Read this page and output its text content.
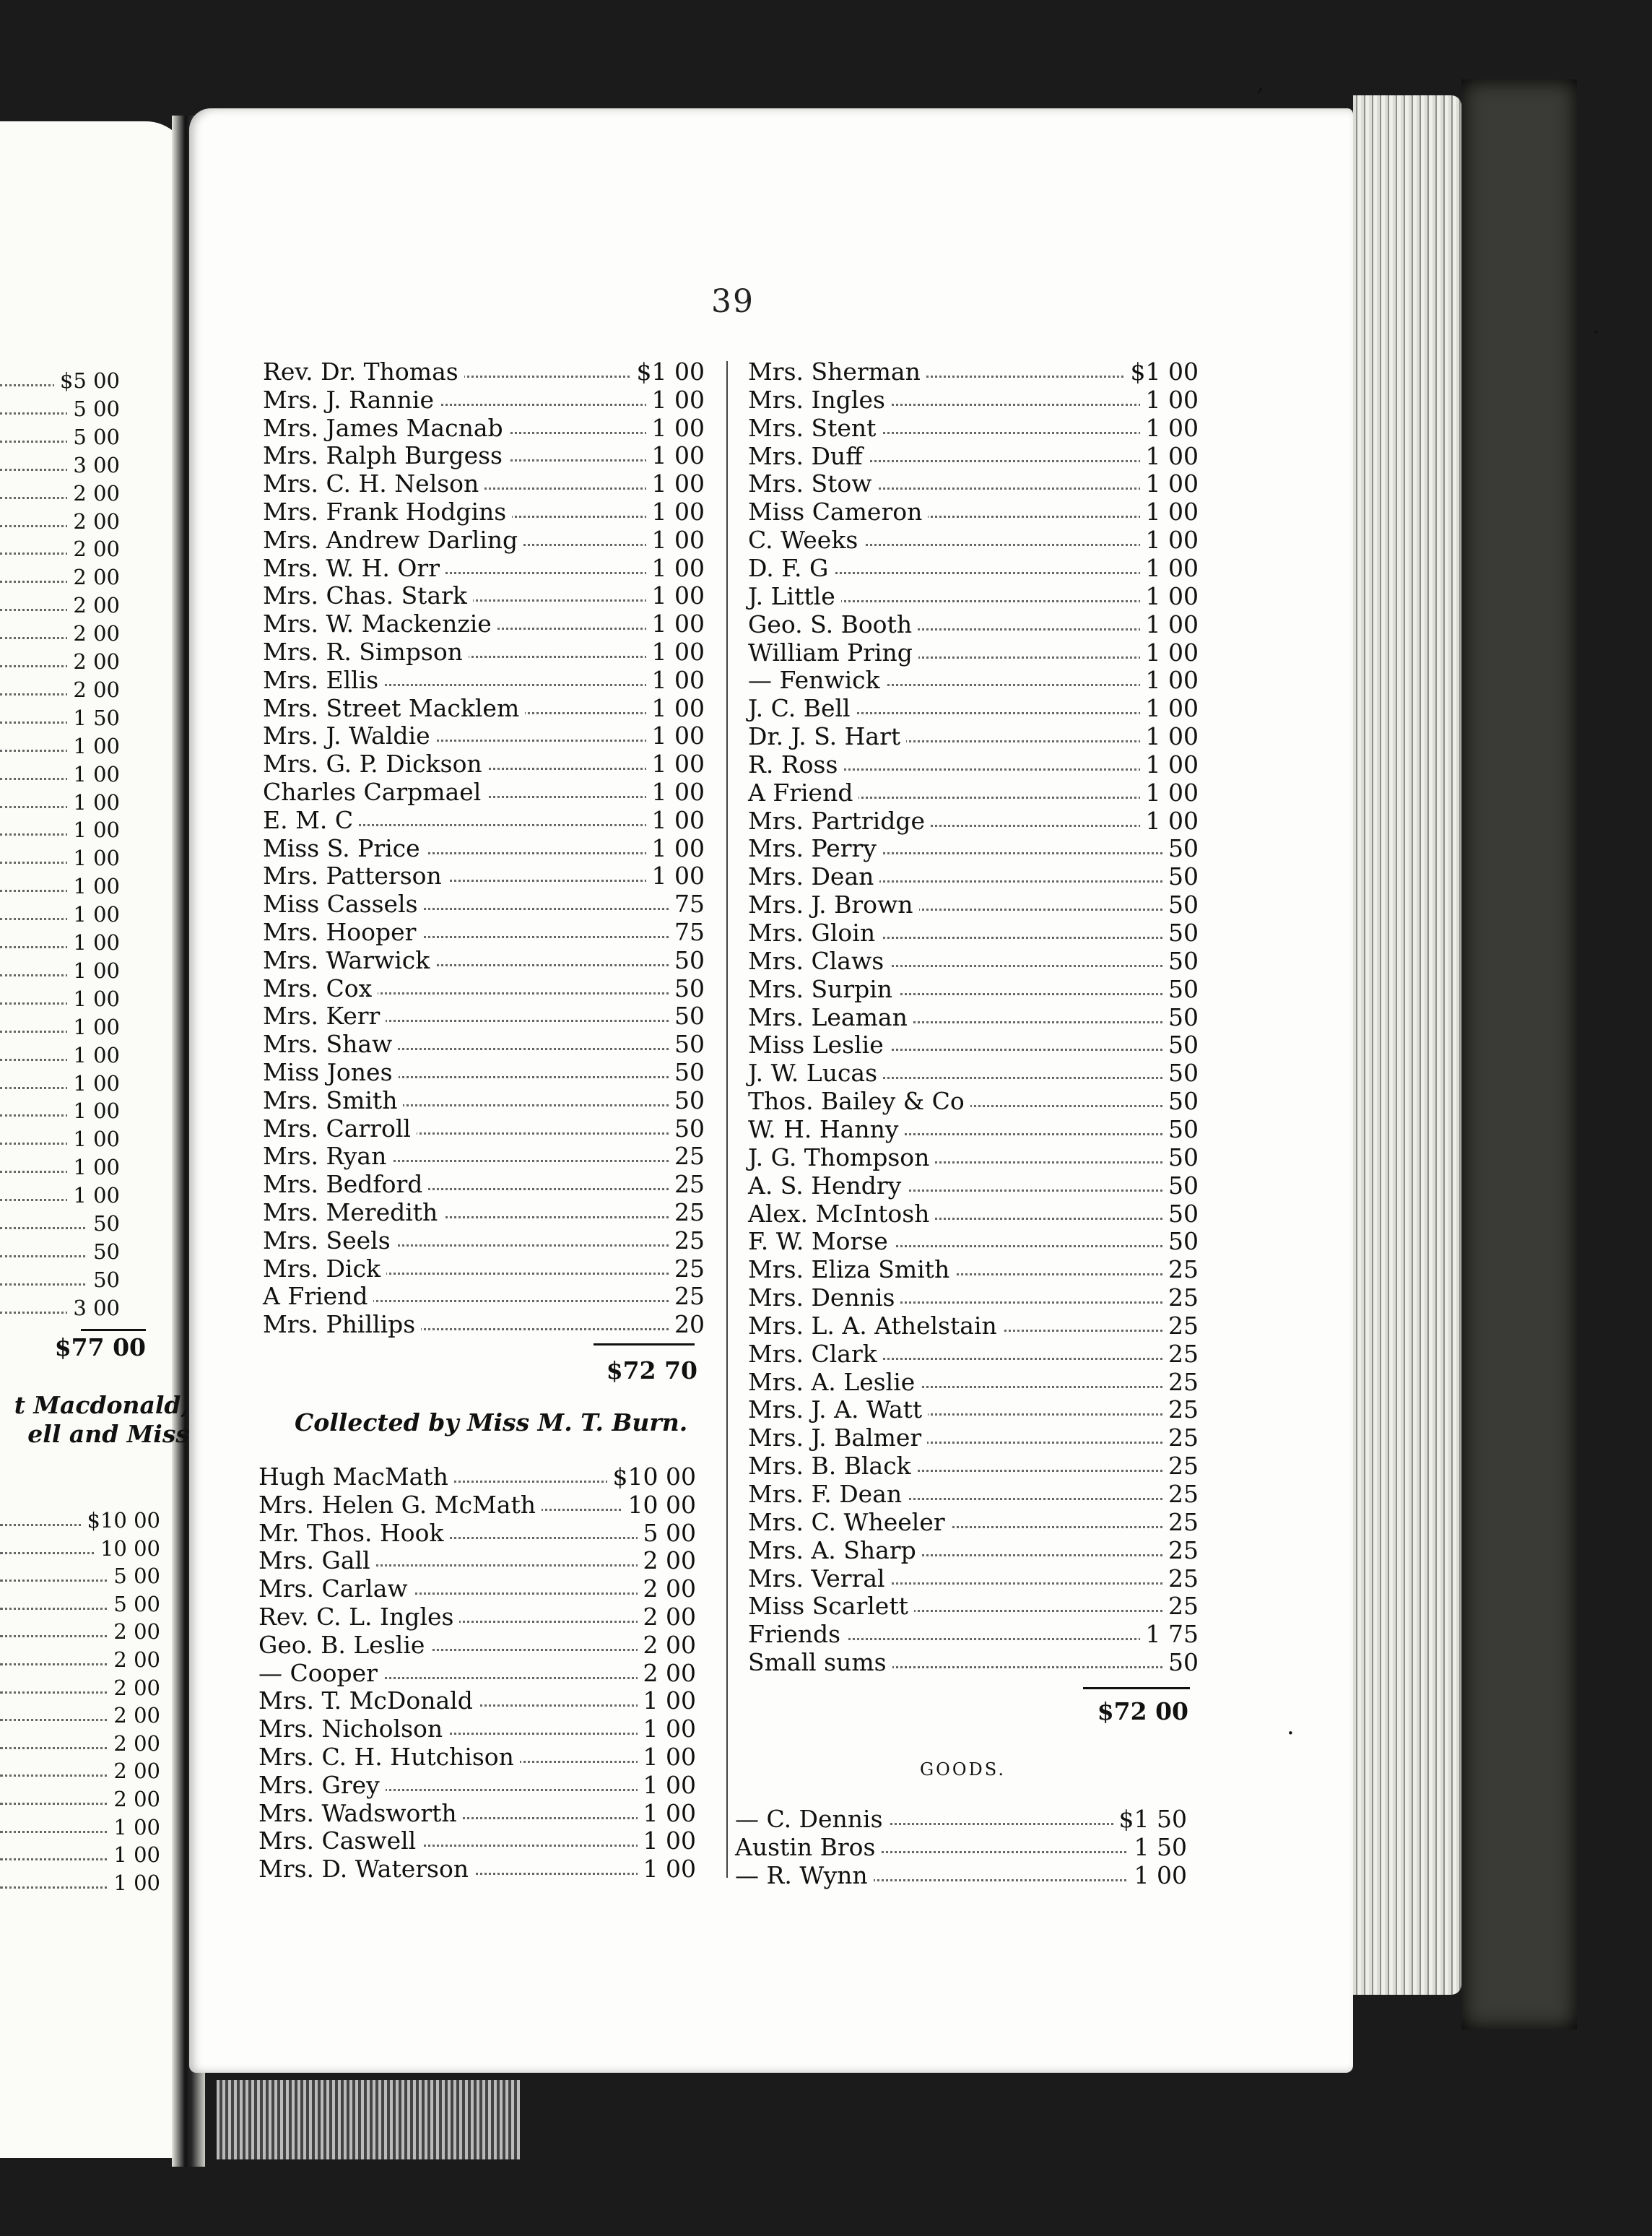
,
·
·
39
$5 00
5 00
5 00
3 00
2 00
2 00
2 00
2 00
2 00
2 00
2 00
2 00
1 50
1 00
1 00
1 00
1 00
1 00
1 00
1 00
1 00
1 00
1 00
1 00
1 00
1 00
1 00
1 00
1 00
1 00
50
50
50
3 00
$77 00
t Macdonald,
ell and Miss
$10 00
10 00
5 00
5 00
2 00
2 00
2 00
2 00
2 00
2 00
2 00
1 00
1 00
1 00
Rev. Dr. Thomas	$1 00
Mrs. J. Rannie	1 00
Mrs. James Macnab	1 00
Mrs. Ralph Burgess	1 00
Mrs. C. H. Nelson	1 00
Mrs. Frank Hodgins	1 00
Mrs. Andrew Darling	1 00
Mrs. W. H. Orr	1 00
Mrs. Chas. Stark	1 00
Mrs. W. Mackenzie	1 00
Mrs. R. Simpson	1 00
Mrs. Ellis	1 00
Mrs. Street Macklem	1 00
Mrs. J. Waldie	1 00
Mrs. G. P. Dickson	1 00
Charles Carpmael	1 00
E. M. C	1 00
Miss S. Price	1 00
Mrs. Patterson	1 00
Miss Cassels	75
Mrs. Hooper	75
Mrs. Warwick	50
Mrs. Cox	50
Mrs. Kerr	50
Mrs. Shaw	50
Miss Jones	50
Mrs. Smith	50
Mrs. Carroll	50
Mrs. Ryan	25
Mrs. Bedford	25
Mrs. Meredith	25
Mrs. Seels	25
Mrs. Dick	25
A Friend	25
Mrs. Phillips	20
$72 70
Collected by Miss M. T. Burn.
Hugh MacMath	$10 00
Mrs. Helen G. McMath	10 00
Mr. Thos. Hook	5 00
Mrs. Gall	2 00
Mrs. Carlaw	2 00
Rev. C. L. Ingles	2 00
Geo. B. Leslie	2 00
— Cooper	2 00
Mrs. T. McDonald	1 00
Mrs. Nicholson	1 00
Mrs. C. H. Hutchison	1 00
Mrs. Grey	1 00
Mrs. Wadsworth	1 00
Mrs. Caswell	1 00
Mrs. D. Waterson	1 00
Mrs. Sherman	$1 00
Mrs. Ingles	1 00
Mrs. Stent	1 00
Mrs. Duff	1 00
Mrs. Stow	1 00
Miss Cameron	1 00
C. Weeks	1 00
D. F. G	1 00
J. Little	1 00
Geo. S. Booth	1 00
William Pring	1 00
— Fenwick	1 00
J. C. Bell	1 00
Dr. J. S. Hart	1 00
R. Ross	1 00
A Friend	1 00
Mrs. Partridge	1 00
Mrs. Perry	50
Mrs. Dean	50
Mrs. J. Brown	50
Mrs. Gloin	50
Mrs. Claws	50
Mrs. Surpin	50
Mrs. Leaman	50
Miss Leslie	50
J. W. Lucas	50
Thos. Bailey & Co	50
W. H. Hanny	50
J. G. Thompson	50
A. S. Hendry	50
Alex. McIntosh	50
F. W. Morse	50
Mrs. Eliza Smith	25
Mrs. Dennis	25
Mrs. L. A. Athelstain	25
Mrs. Clark	25
Mrs. A. Leslie	25
Mrs. J. A. Watt	25
Mrs. J. Balmer	25
Mrs. B. Black	25
Mrs. F. Dean	25
Mrs. C. Wheeler	25
Mrs. A. Sharp	25
Mrs. Verral	25
Miss Scarlett	25
Friends	1 75
Small sums	50
$72 00
GOODS.
— C. Dennis	$1 50
Austin Bros	1 50
— R. Wynn	1 00
